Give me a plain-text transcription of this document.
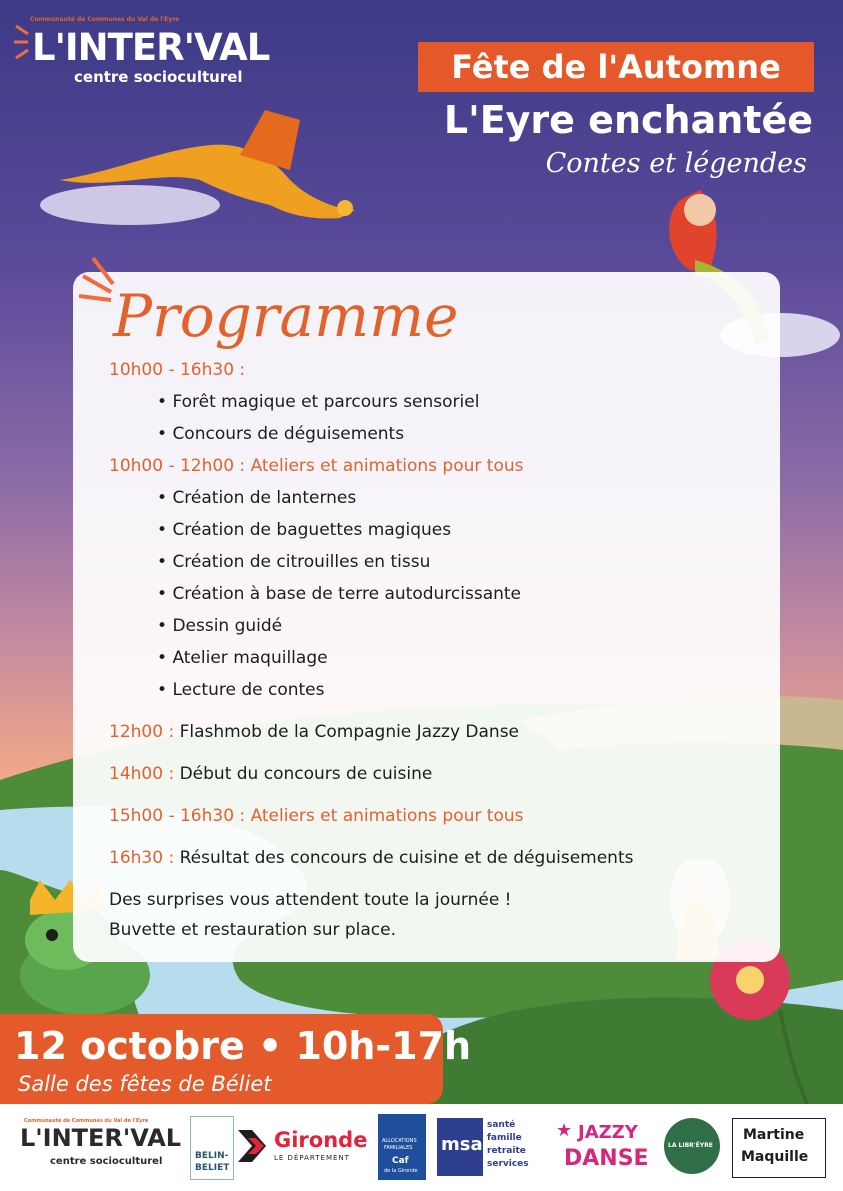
Communauté de Communes du Val de l'Eyre
L'INTER'VAL
centre socioculturel	Fête de l'Automne
L'Eyre enchantée
Contes et légendes
Programme
10h00 - 16h30 :
• Forêt magique et parcours sensoriel
• Concours de déguisements
10h00 - 12h00 : Ateliers et animations pour tous
• Création de lanternes
• Création de baguettes magiques
• Création de citrouilles en tissu
• Création à base de terre autodurcissante
• Dessin guidé
• Atelier maquillage
• Lecture de contes
12h00 : Flashmob de la Compagnie Jazzy Danse
14h00 : Début du concours de cuisine
15h00 - 16h30 : Ateliers et animations pour tous
16h30 : Résultat des concours de cuisine et de déguisements
Des surprises vous attendent toute la journée !
Buvette et restauration sur place.
12 octobre • 10h-17h
Salle des fêtes de Béliet
Communauté de Communes du Val de l'Eyre
L'INTER'VAL
centre socioculturel	BELIN-
BELIET
Gironde
LE DÉPARTEMENT
ALLOCATIONS
FAMILIALES
Caf
de la Gironde
msa
santé
famille
retraite
services
★ JAZZY
DANSE
LA LIBR'ÊYRE
Martine
Maquille
